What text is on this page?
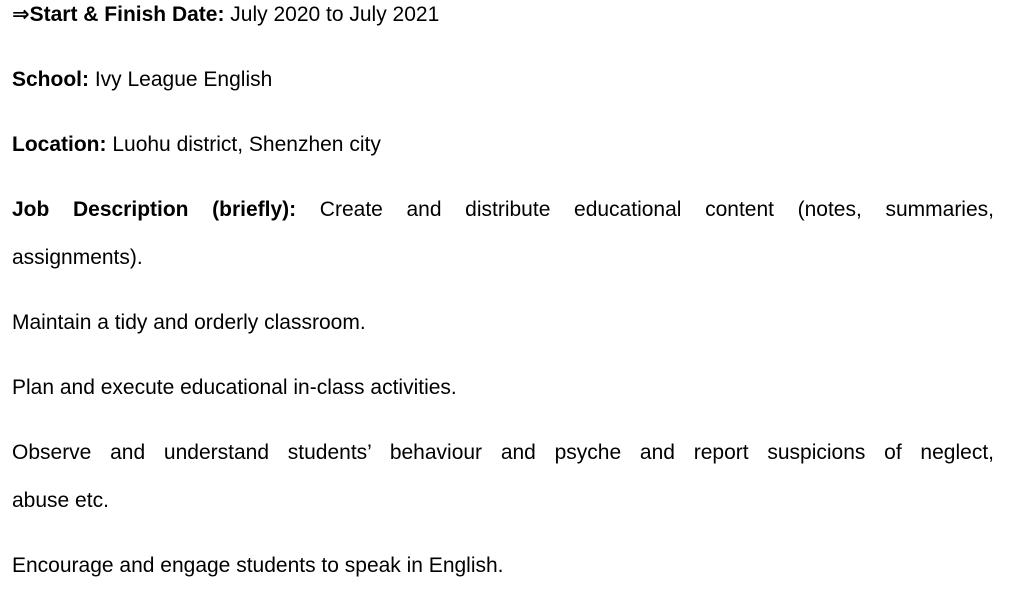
⇒Start & Finish Date: July 2020 to July 2021
School: Ivy League English
Location: Luohu district, Shenzhen city
Job Description (briefly): Create and distribute educational content (notes, summaries,
assignments).
Maintain a tidy and orderly classroom.
Plan and execute educational in-class activities.
Observe and understand students’ behaviour and psyche and report suspicions of neglect,
abuse etc.
Encourage and engage students to speak in English.
